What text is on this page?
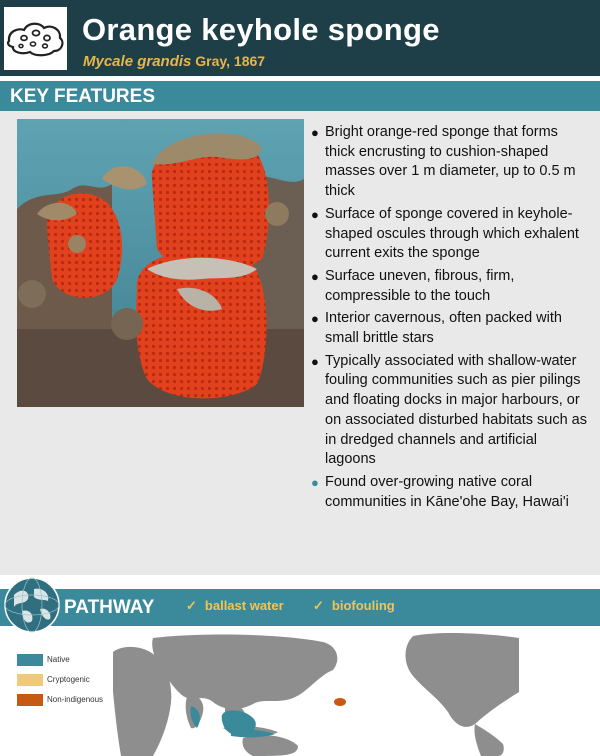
Orange keyhole sponge
Mycale grandis Gray, 1867
KEY FEATURES
● Bright orange-red sponge that forms thick encrusting to cushion-shaped masses over 1 m diameter, up to 0.5 m thick
● Surface of sponge covered in keyhole-shaped oscules through which exhalent current exits the sponge
● Surface uneven, fibrous, firm, compressible to the touch
● Interior cavernous, often packed with small brittle stars
● Typically associated with shallow-water fouling communities such as pier pilings and floating docks in major harbours, or on associated disturbed habitats such as in dredged channels and artificial lagoons
● Found over-growing native coral communities in Kāne'ohe Bay, Hawai'i
PATHWAY ✓ ballast water ✓ biofouling
Native
Cryptogenic
Non-indigenous
